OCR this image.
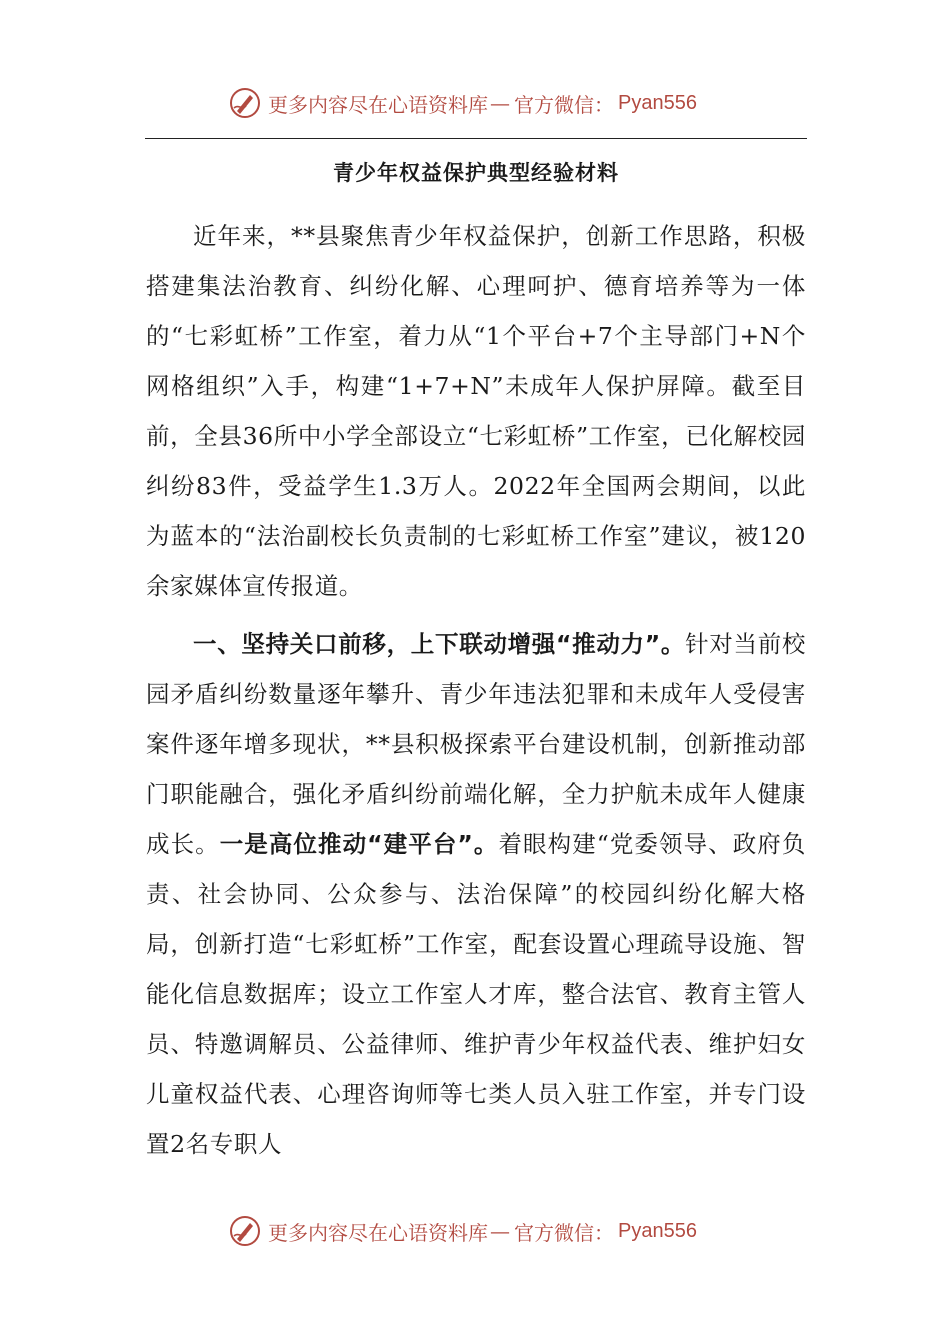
更多内容尽在心语资料库 — 官方微信： Pyan556
青少年权益保护典型经验材料

近年来，**县聚焦青少年权益保护，创新工作思路，积极搭建集法治教育、纠纷化解、心理呵护、德育培养等为一体的“七彩虹桥”工作室，着力从“1个平台+7个主导部门+N个网格组织”入手，构建“1+7+N”未成年人保护屏障。截至目前，全县36所中小学全部设立“七彩虹桥”工作室，已化解校园纠纷83件，受益学生1.3万人。2022年全国两会期间，以此为蓝本的“法治副校长负责制的七彩虹桥工作室”建议，被120余家媒体宣传报道。

一、坚持关口前移，上下联动增强“推动力”。针对当前校园矛盾纠纷数量逐年攀升、青少年违法犯罪和未成年人受侵害案件逐年增多现状，**县积极探索平台建设机制，创新推动部门职能融合，强化矛盾纠纷前端化解，全力护航未成年人健康成长。一是高位推动“建平台”。着眼构建“党委领导、政府负责、社会协同、公众参与、法治保障”的校园纠纷化解大格局，创新打造“七彩虹桥”工作室，配套设置心理疏导设施、智能化信息数据库；设立工作室人才库，整合法官、教育主管人员、特邀调解员、公益律师、维护青少年权益代表、维护妇女儿童权益代表、心理咨询师等七类人员入驻工作室，并专门设置2名专职人

更多内容尽在心语资料库 — 官方微信： Pyan556
